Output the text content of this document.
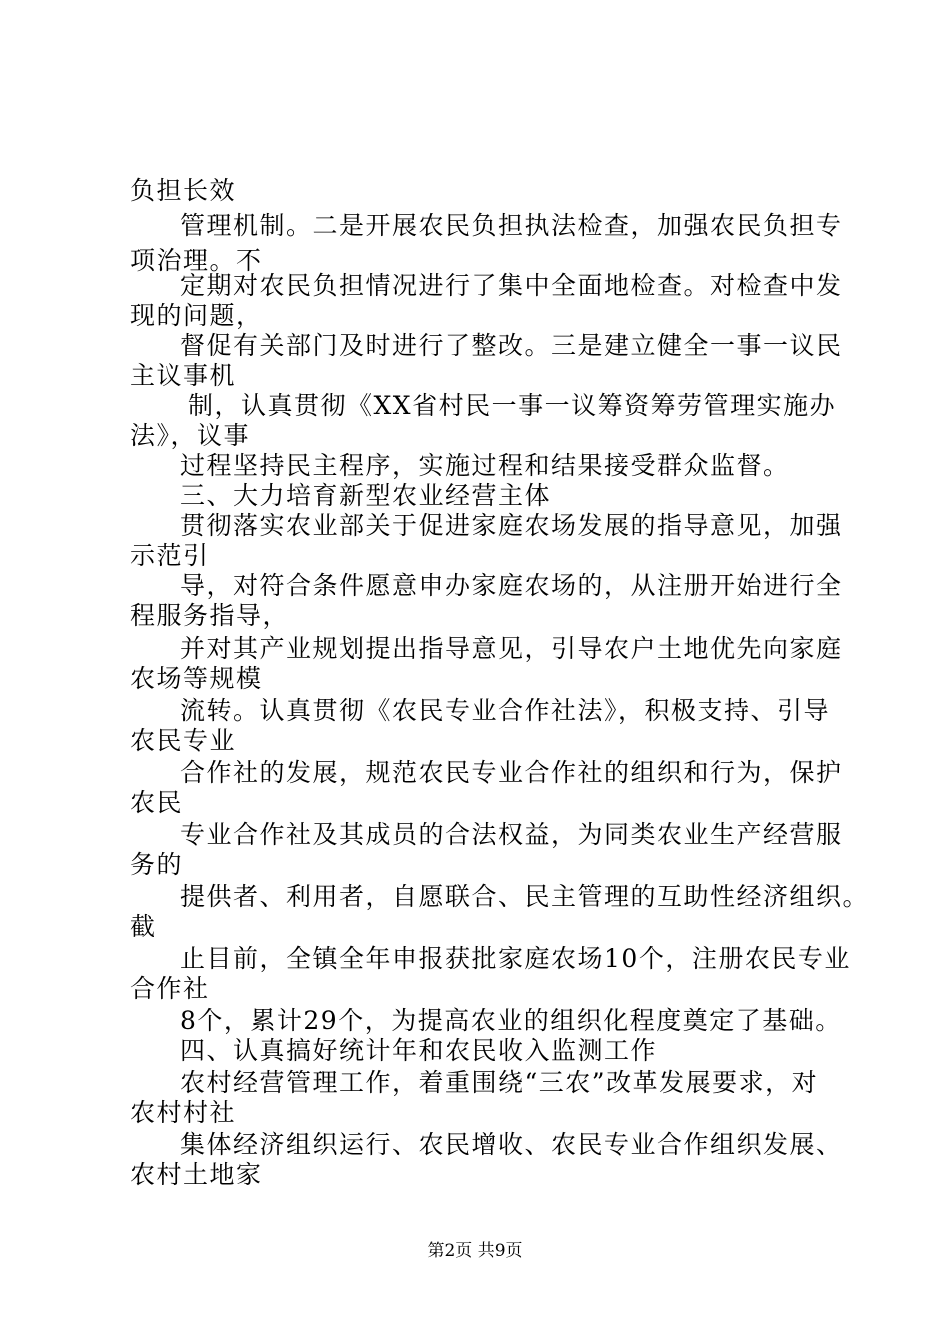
负担长效
管理机制。二是开展农民负担执法检查，加强农民负担专
项治理。不
定期对农民负担情况进行了集中全面地检查。对检查中发
现的问题，
督促有关部门及时进行了整改。三是建立健全一事一议民
主议事机
制，认真贯彻《XX省村民一事一议筹资筹劳管理实施办
法》，议事
过程坚持民主程序，实施过程和结果接受群众监督。
三、大力培育新型农业经营主体
贯彻落实农业部关于促进家庭农场发展的指导意见，加强
示范引
导，对符合条件愿意申办家庭农场的，从注册开始进行全
程服务指导，
并对其产业规划提出指导意见，引导农户土地优先向家庭
农场等规模
流转。认真贯彻《农民专业合作社法》，积极支持、引导
农民专业
合作社的发展，规范农民专业合作社的组织和行为，保护
农民
专业合作社及其成员的合法权益，为同类农业生产经营服
务的
提供者、利用者，自愿联合、民主管理的互助性经济组织。
截
止目前，全镇全年申报获批家庭农场10个，注册农民专业
合作社
8个，累计29个，为提高农业的组织化程度奠定了基础。
四、认真搞好统计年和农民收入监测工作
农村经营管理工作，着重围绕“三农”改革发展要求，对
农村村社
集体经济组织运行、农民增收、农民专业合作组织发展、
农村土地家
第2页 共9页
